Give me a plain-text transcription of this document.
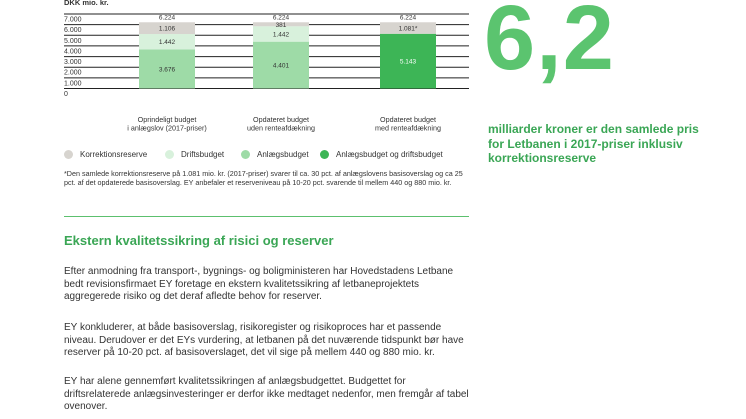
DKK mio. kr.
0
1.000
2.000
3.000
4.000
5.000
6.000
7.000
3.676
1.442
1.106
6.224
Oprindeligt budget
i anlægslov (2017-priser)
4.401
1.442
381
6.224
Opdateret budget
uden renteafdækning
5.143
1.081*
6.224
Opdateret budget
med renteafdækning
Korrektionsreserve	Driftsbudget	Anlægsbudget	Anlægsbudget og driftsbudget
*Den samlede korrektionsreserve på 1.081 mio. kr. (2017-priser) svarer til ca. 30 pct. af anlægslovens basisoverslag og ca 25 pct. af det opdaterede basisoverslag. EY anbefaler et reserveniveau på 10-20 pct. svarende til mellem 440 og 880 mio. kr.
Ekstern kvalitetssikring af risici og reserver

Efter anmodning fra transport-, bygnings- og boligministeren har Hovedstadens Letbane bedt revisionsfirmaet EY foretage en ekstern kvalitetssikring af letbaneprojektets aggregerede risiko og det deraf afledte behov for reserver.

EY konkluderer, at både basisoverslag, risikoregister og risikoproces har et passende niveau. Derudover er det EYs vurdering, at letbanen på det nuværende tidspunkt bør have reserver på 10-20 pct. af basisoverslaget, det vil sige på mellem 440 og 880 mio. kr.

EY har alene gennemført kvalitetssikringen af anlægsbudgettet. Budgettet for driftsrelaterede anlægsinvesteringer er derfor ikke medtaget nedenfor, men fremgår af tabel ovenover.

6,2
milliarder kroner er den samlede pris for Letbanen i 2017-priser inklusiv korrektionsreserve
